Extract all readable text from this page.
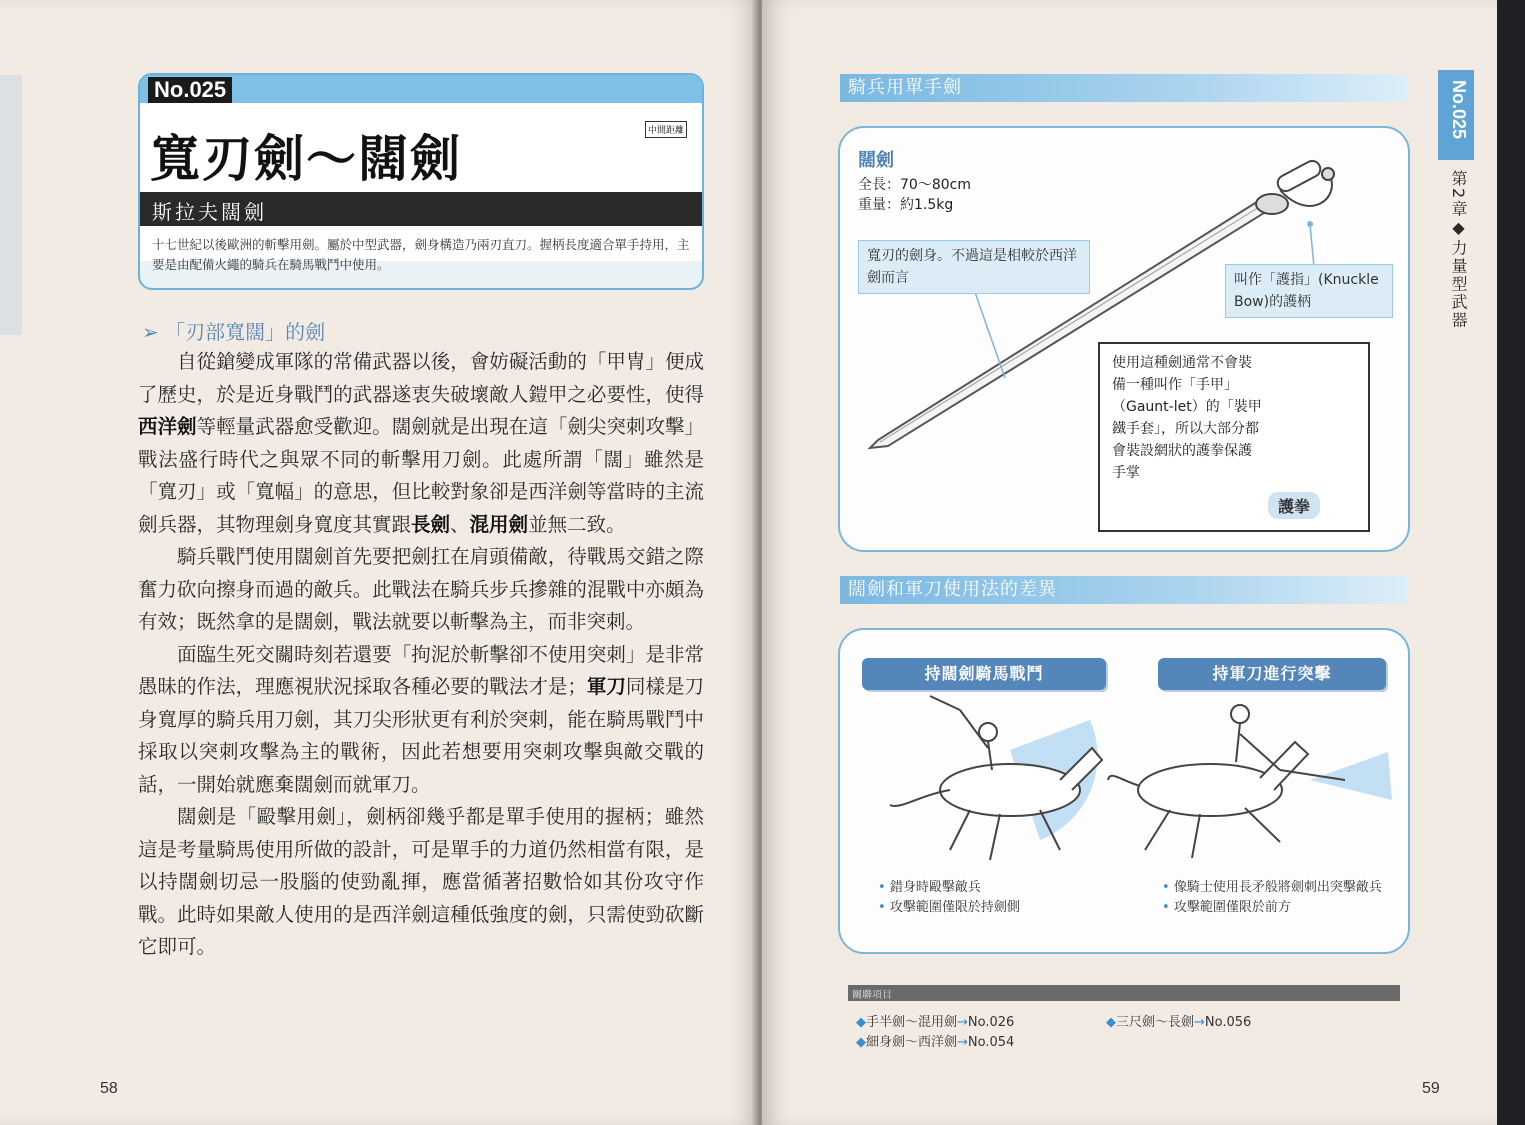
No.025
寬刃劍～闊劍	中間距離
斯拉夫闊劍
十七世紀以後歐洲的斬擊用劍。屬於中型武器，劍身構造乃兩刃直刀。握柄長度適合單手持用，主要是由配備火繩的騎兵在騎馬戰鬥中使用。
➢ 「刃部寬闊」的劍

自從鎗變成軍隊的常備武器以後，會妨礙活動的「甲冑」便成了歷史，於是近身戰鬥的武器遂衷失破壞敵人鎧甲之必要性，使得西洋劍等輕量武器愈受歡迎。闊劍就是出現在這「劍尖突刺攻擊」戰法盛行時代之與眾不同的斬擊用刀劍。此處所謂「闊」雖然是「寬刃」或「寬幅」的意思，但比較對象卻是西洋劍等當時的主流劍兵器，其物理劍身寬度其實跟長劍、混用劍並無二致。

騎兵戰鬥使用闊劍首先要把劍扛在肩頭備敵，待戰馬交錯之際奮力砍向擦身而過的敵兵。此戰法在騎兵步兵摻雜的混戰中亦頗為有效；既然拿的是闊劍，戰法就要以斬擊為主，而非突刺。

面臨生死交關時刻若還要「拘泥於斬擊卻不使用突刺」是非常愚昧的作法，理應視狀況採取各種必要的戰法才是；軍刀同樣是刀身寬厚的騎兵用刀劍，其刀尖形狀更有利於突刺，能在騎馬戰鬥中採取以突刺攻擊為主的戰術，因此若想要用突刺攻擊與敵交戰的話，一開始就應棄闊劍而就軍刀。

闊劍是「毆擊用劍」，劍柄卻幾乎都是單手使用的握柄；雖然這是考量騎馬使用所做的設計，可是單手的力道仍然相當有限，是以持闊劍切忌一股腦的使勁亂揮，應當循著招數恰如其份攻守作戰。此時如果敵人使用的是西洋劍這種低強度的劍，只需使勁砍斷它即可。

58
騎兵用單手劍
闊劍
全長：70～80cm
重量：約1.5kg
寬刃的劍身。不過這是相較於西洋劍而言	叫作「護指」(Knuckle Bow)的護柄
使用這種劍通常不會裝備一種叫作「手甲」（Gaunt-let）的「裝甲鐵手套」，所以大部分都會裝設網狀的護拳保護手掌
護拳
闊劍和軍刀使用法的差異
持闊劍騎馬戰鬥	持軍刀進行突擊
• 錯身時毆擊敵兵
• 攻擊範圍僅限於持劍側
• 像騎士使用長矛般將劍刺出突擊敵兵
• 攻擊範圍僅限於前方
關聯項目
◆手半劍～混用劍→No.026	◆三尺劍～長劍→No.056
◆細身劍～西洋劍→No.054
59
No.025
第2章◆力量型武器
